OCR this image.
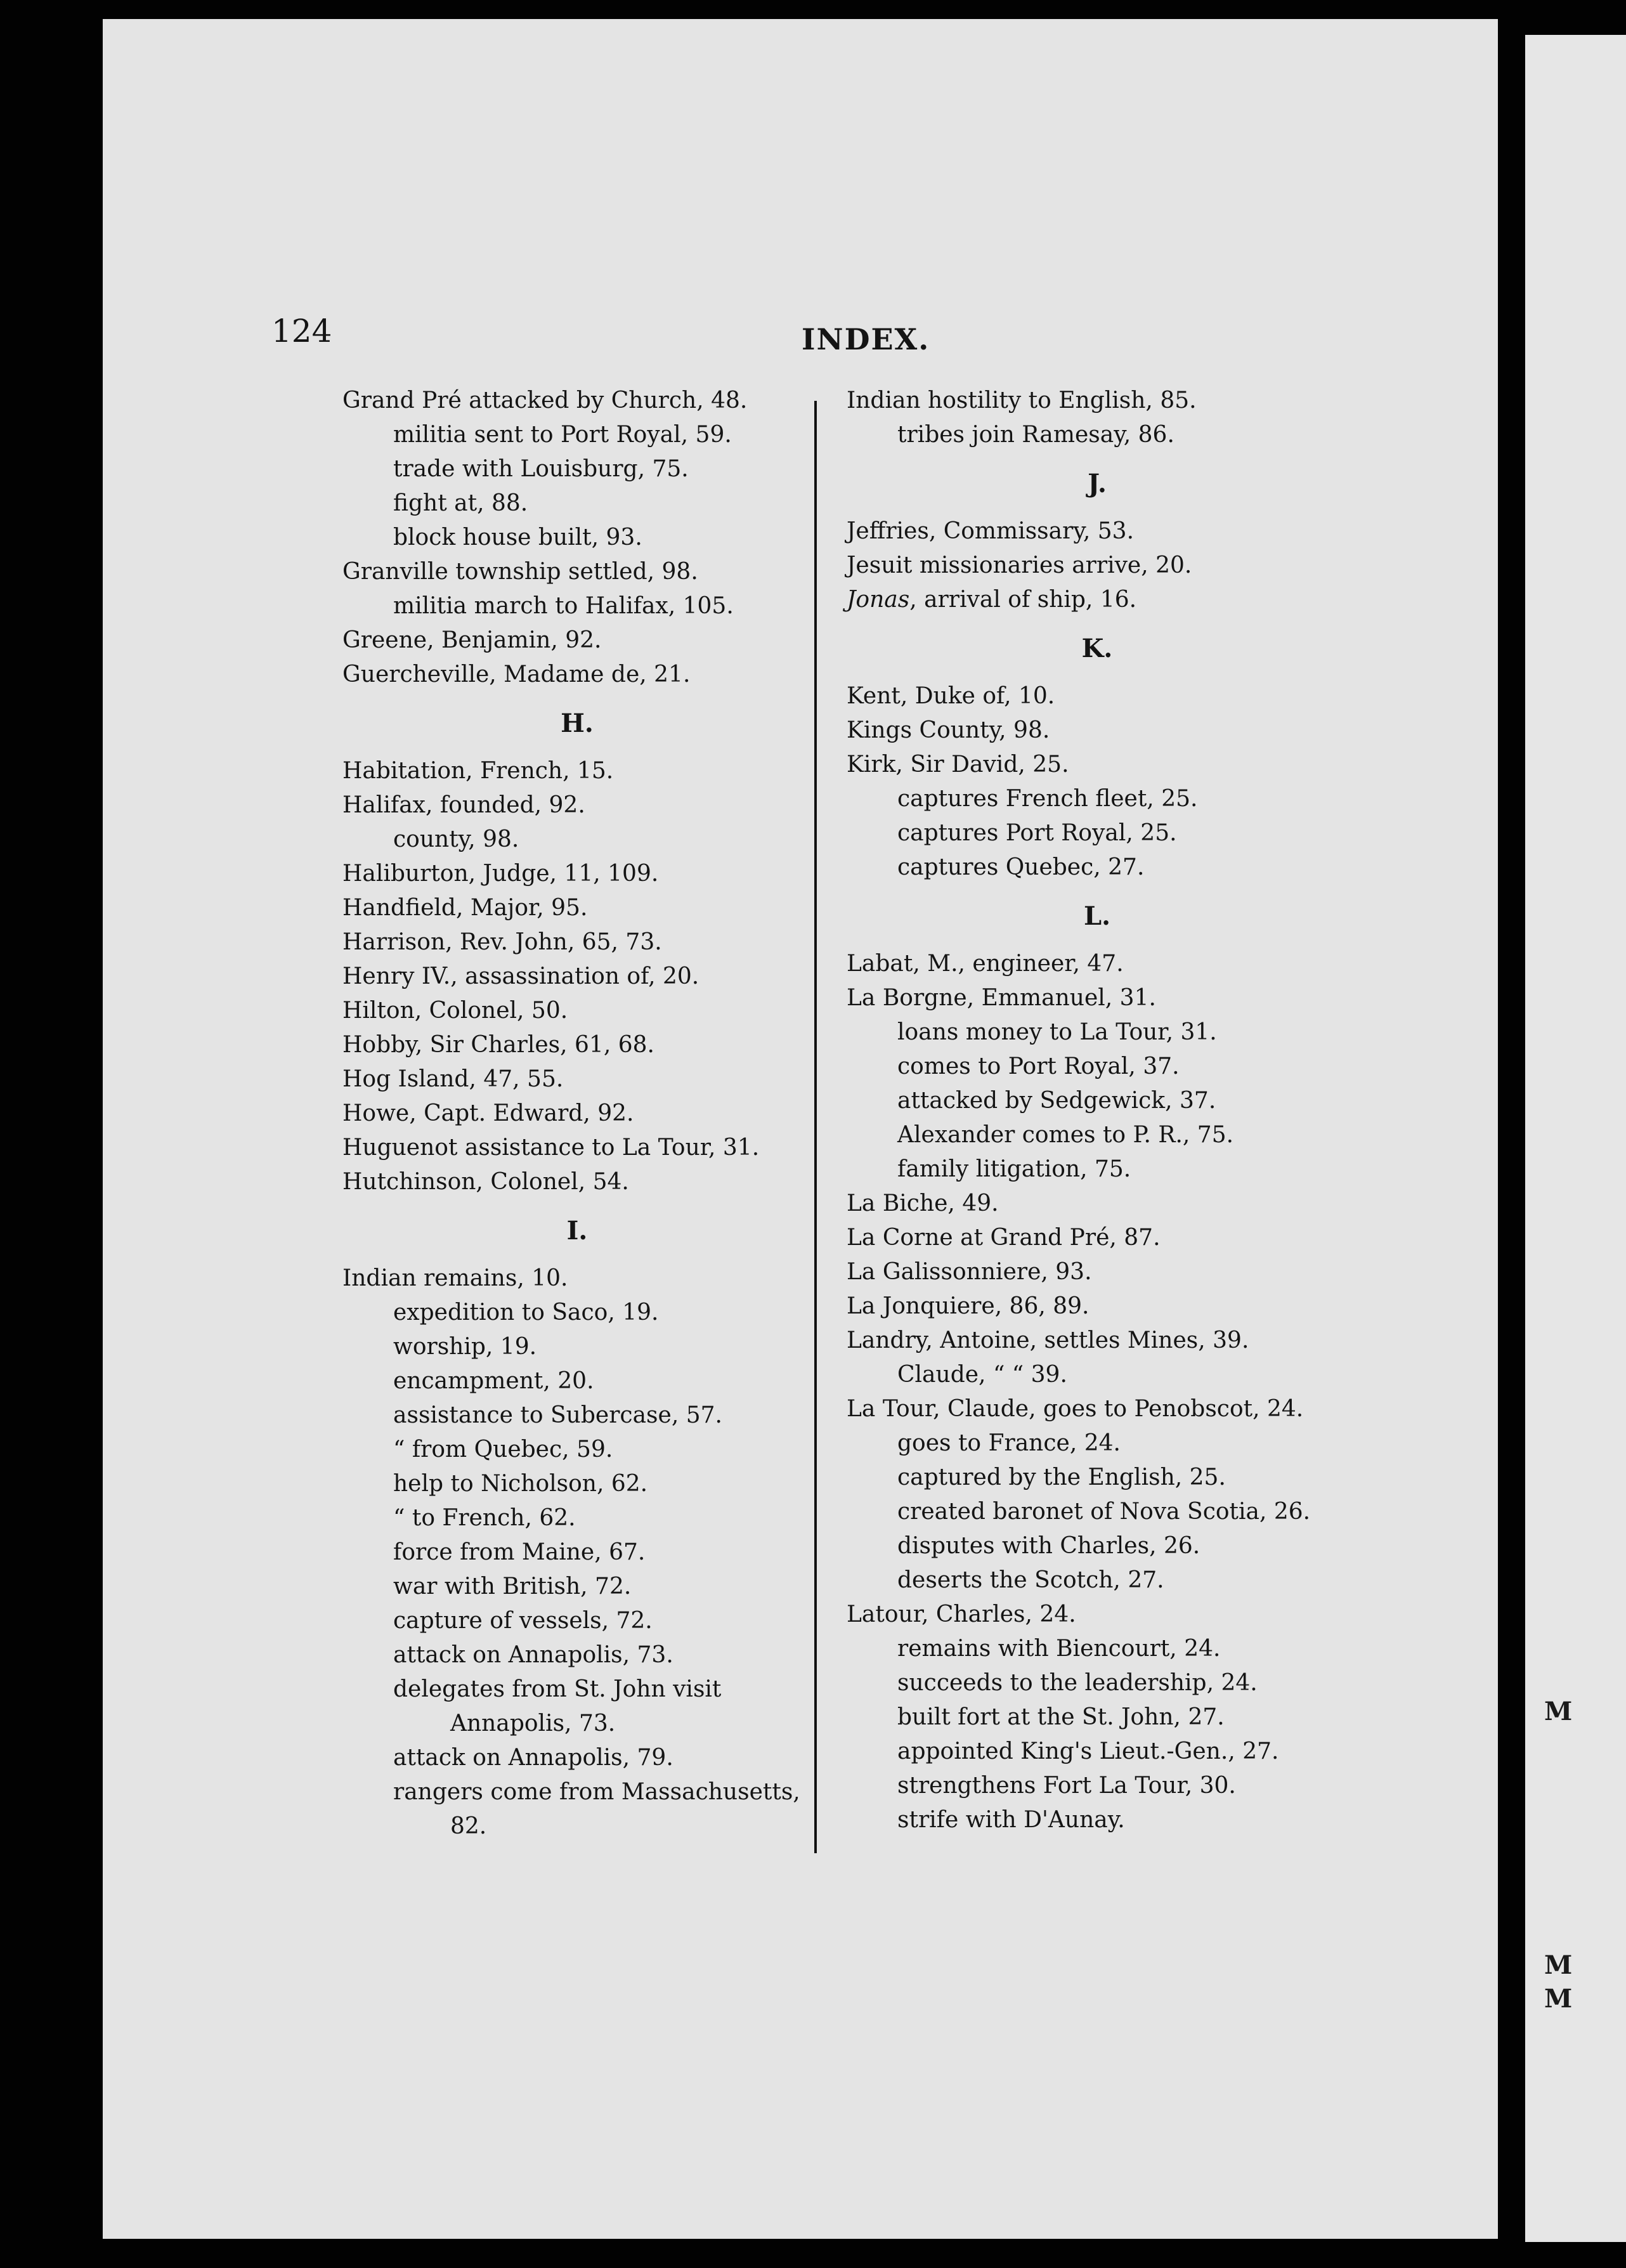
M
M
M
124	INDEX.
Grand Pré attacked by Church, 48.
militia sent to Port Royal, 59.
trade with Louisburg, 75.
fight at, 88.
block house built, 93.
Granville township settled, 98.
militia march to Halifax, 105.
Greene, Benjamin, 92.
Guercheville, Madame de, 21.
H.
Habitation, French, 15.
Halifax, founded, 92.
county, 98.
Haliburton, Judge, 11, 109.
Handfield, Major, 95.
Harrison, Rev. John, 65, 73.
Henry IV., assassination of, 20.
Hilton, Colonel, 50.
Hobby, Sir Charles, 61, 68.
Hog Island, 47, 55.
Howe, Capt. Edward, 92.
Huguenot assistance to La Tour, 31.
Hutchinson, Colonel, 54.
I.
Indian remains, 10.
expedition to Saco, 19.
worship, 19.
encampment, 20.
assistance to Subercase, 57.
“ from Quebec, 59.
help to Nicholson, 62.
“ to French, 62.
force from Maine, 67.
war with British, 72.
capture of vessels, 72.
attack on Annapolis, 73.
delegates from St. John visit
Annapolis, 73.
attack on Annapolis, 79.
rangers come from Massachusetts,
82.
Indian hostility to English, 85.
tribes join Ramesay, 86.
J.
Jeffries, Commissary, 53.
Jesuit missionaries arrive, 20.
Jonas, arrival of ship, 16.
K.
Kent, Duke of, 10.
Kings County, 98.
Kirk, Sir David, 25.
captures French fleet, 25.
captures Port Royal, 25.
captures Quebec, 27.
L.
Labat, M., engineer, 47.
La Borgne, Emmanuel, 31.
loans money to La Tour, 31.
comes to Port Royal, 37.
attacked by Sedgewick, 37.
Alexander comes to P. R., 75.
family litigation, 75.
La Biche, 49.
La Corne at Grand Pré, 87.
La Galissonniere, 93.
La Jonquiere, 86, 89.
Landry, Antoine, settles Mines, 39.
Claude, “ “ 39.
La Tour, Claude, goes to Penobscot, 24.
goes to France, 24.
captured by the English, 25.
created baronet of Nova Scotia, 26.
disputes with Charles, 26.
deserts the Scotch, 27.
Latour, Charles, 24.
remains with Biencourt, 24.
succeeds to the leadership, 24.
built fort at the St. John, 27.
appointed King's Lieut.-Gen., 27.
strengthens Fort La Tour, 30.
strife with D'Aunay.
